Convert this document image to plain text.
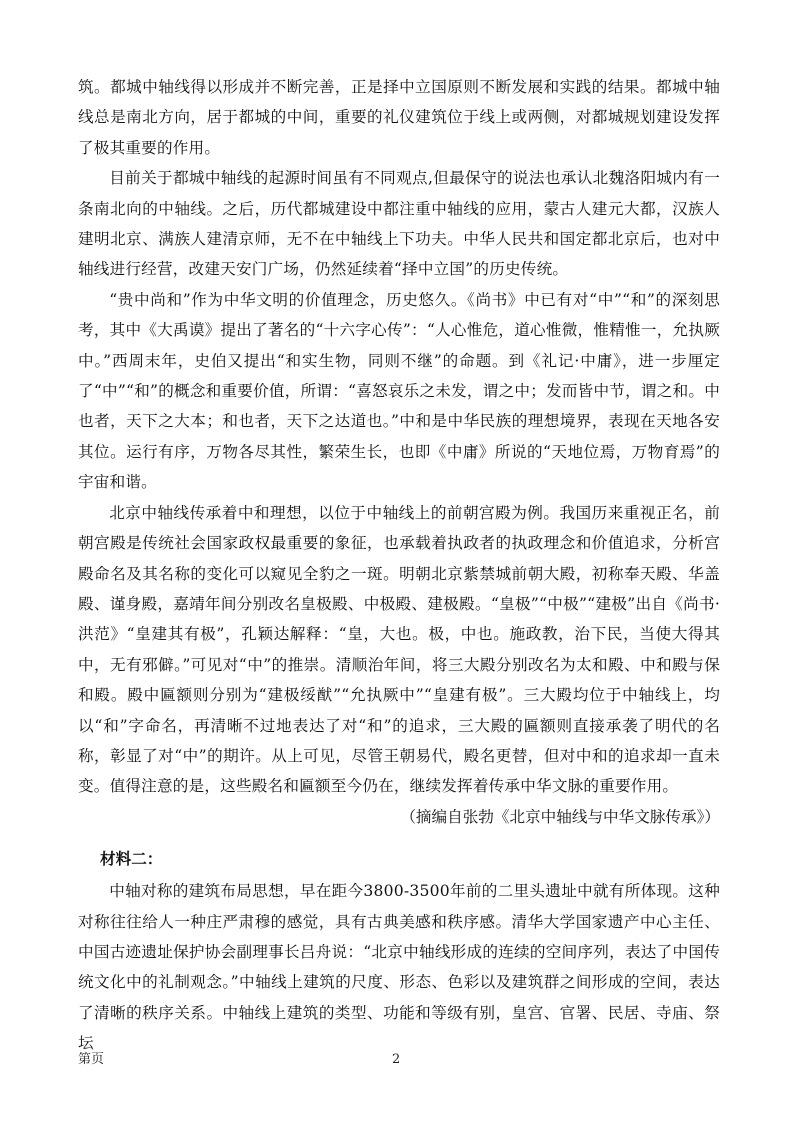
筑。都城中轴线得以形成并不断完善，正是择中立国原则不断发展和实践的结果。都城中轴线总是南北方向，居于都城的中间，重要的礼仪建筑位于线上或两侧，对都城规划建设发挥了极其重要的作用。

目前关于都城中轴线的起源时间虽有不同观点,但最保守的说法也承认北魏洛阳城内有一条南北向的中轴线。之后，历代都城建设中都注重中轴线的应用，蒙古人建元大都，汉族人建明北京、满族人建清京师，无不在中轴线上下功夫。中华人民共和国定都北京后，也对中轴线进行经营，改建天安门广场，仍然延续着“择中立国”的历史传统。

“贵中尚和”作为中华文明的价值理念，历史悠久。《尚书》中已有对“中”“和”的深刻思考，其中《大禹谟》提出了著名的“十六字心传”：“人心惟危，道心惟微，惟精惟一，允执厥中。”西周末年，史伯又提出“和实生物，同则不继”的命题。到《礼记·中庸》，进一步厘定了“中”“和”的概念和重要价值，所谓：“喜怒哀乐之未发，谓之中；发而皆中节，谓之和。中也者，天下之大本；和也者，天下之达道也。”中和是中华民族的理想境界，表现在天地各安其位。运行有序，万物各尽其性，繁荣生长，也即《中庸》所说的“天地位焉，万物育焉”的宇宙和谐。

北京中轴线传承着中和理想，以位于中轴线上的前朝宫殿为例。我国历来重视正名，前朝宫殿是传统社会国家政权最重要的象征，也承载着执政者的执政理念和价值追求，分析宫殿命名及其名称的变化可以窥见全豹之一斑。明朝北京紫禁城前朝大殿，初称奉天殿、华盖殿、谨身殿，嘉靖年间分别改名皇极殿、中极殿、建极殿。“皇极”“中极”“建极”出自《尚书·洪范》“皇建其有极”，孔颖达解释：“皇，大也。极，中也。施政教，治下民，当使大得其中，无有邪僻。”可见对“中”的推崇。清顺治年间，将三大殿分别改名为太和殿、中和殿与保和殿。殿中匾额则分别为“建极绥猷”“允执厥中”“皇建有极”。三大殿均位于中轴线上，均以“和”字命名，再清晰不过地表达了对“和”的追求，三大殿的匾额则直接承袭了明代的名称，彰显了对“中”的期许。从上可见，尽管王朝易代，殿名更替，但对中和的追求却一直未变。值得注意的是，这些殿名和匾额至今仍在，继续发挥着传承中华文脉的重要作用。

（摘编自张勃《北京中轴线与中华文脉传承》）

材料二：

中轴对称的建筑布局思想，早在距今3800-3500年前的二里头遗址中就有所体现。这种对称往往给人一种庄严肃穆的感觉，具有古典美感和秩序感。清华大学国家遗产中心主任、中国古迹遗址保护协会副理事长吕舟说：“北京中轴线形成的连续的空间序列，表达了中国传统文化中的礼制观念。”中轴线上建筑的尺度、形态、色彩以及建筑群之间形成的空间，表达了清晰的秩序关系。中轴线上建筑的类型、功能和等级有别，皇宫、官署、民居、寺庙、祭坛

第页	2
